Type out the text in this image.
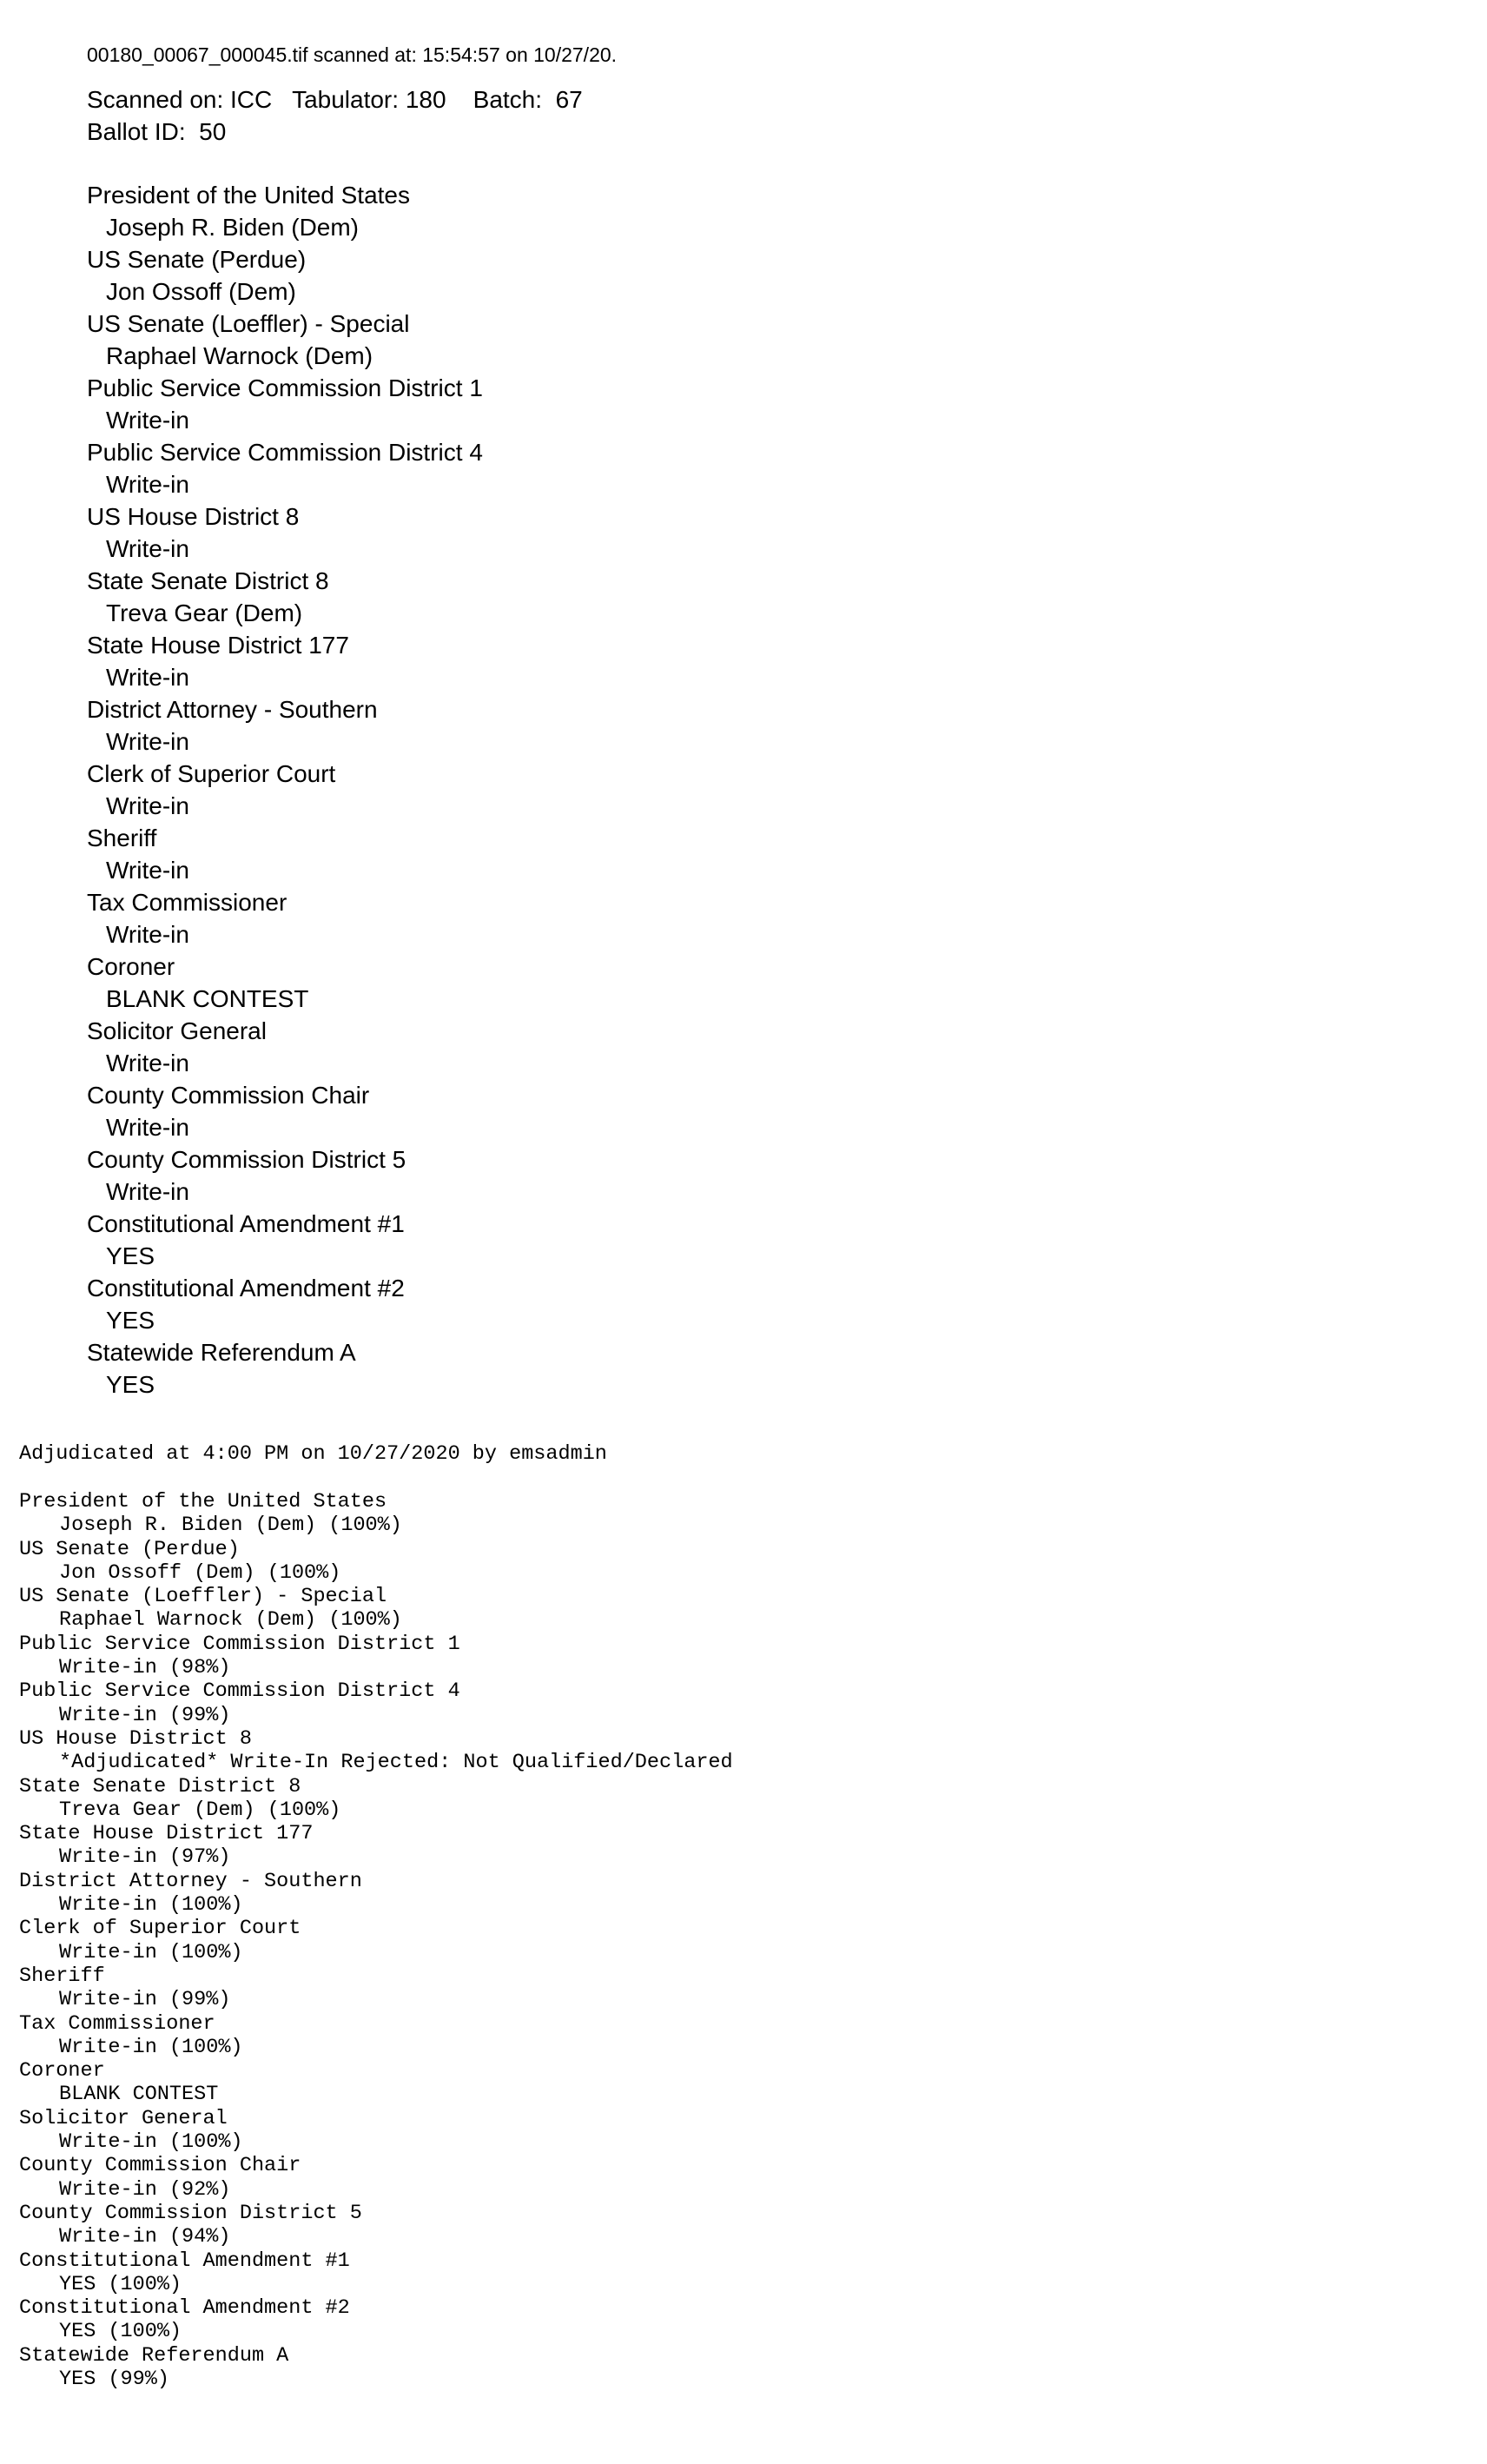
00180_00067_000045.tif scanned at: 15:54:57 on 10/27/20.
Scanned on: ICC   Tabulator: 180    Batch:  67
Ballot ID:  50
President of the United States
Joseph R. Biden (Dem)
US Senate (Perdue)
Jon Ossoff (Dem)
US Senate (Loeffler) - Special
Raphael Warnock (Dem)
Public Service Commission District 1
Write-in
Public Service Commission District 4
Write-in
US House District 8
Write-in
State Senate District 8
Treva Gear (Dem)
State House District 177
Write-in
District Attorney - Southern
Write-in
Clerk of Superior Court
Write-in
Sheriff
Write-in
Tax Commissioner
Write-in
Coroner
BLANK CONTEST
Solicitor General
Write-in
County Commission Chair
Write-in
County Commission District 5
Write-in
Constitutional Amendment #1
YES
Constitutional Amendment #2
YES
Statewide Referendum A
YES
Adjudicated at 4:00 PM on 10/27/2020 by emsadmin
President of the United States
Joseph R. Biden (Dem) (100%)
US Senate (Perdue)
Jon Ossoff (Dem) (100%)
US Senate (Loeffler) - Special
Raphael Warnock (Dem) (100%)
Public Service Commission District 1
Write-in (98%)
Public Service Commission District 4
Write-in (99%)
US House District 8
*Adjudicated* Write-In Rejected: Not Qualified/Declared
State Senate District 8
Treva Gear (Dem) (100%)
State House District 177
Write-in (97%)
District Attorney - Southern
Write-in (100%)
Clerk of Superior Court
Write-in (100%)
Sheriff
Write-in (99%)
Tax Commissioner
Write-in (100%)
Coroner
BLANK CONTEST
Solicitor General
Write-in (100%)
County Commission Chair
Write-in (92%)
County Commission District 5
Write-in (94%)
Constitutional Amendment #1
YES (100%)
Constitutional Amendment #2
YES (100%)
Statewide Referendum A
YES (99%)
